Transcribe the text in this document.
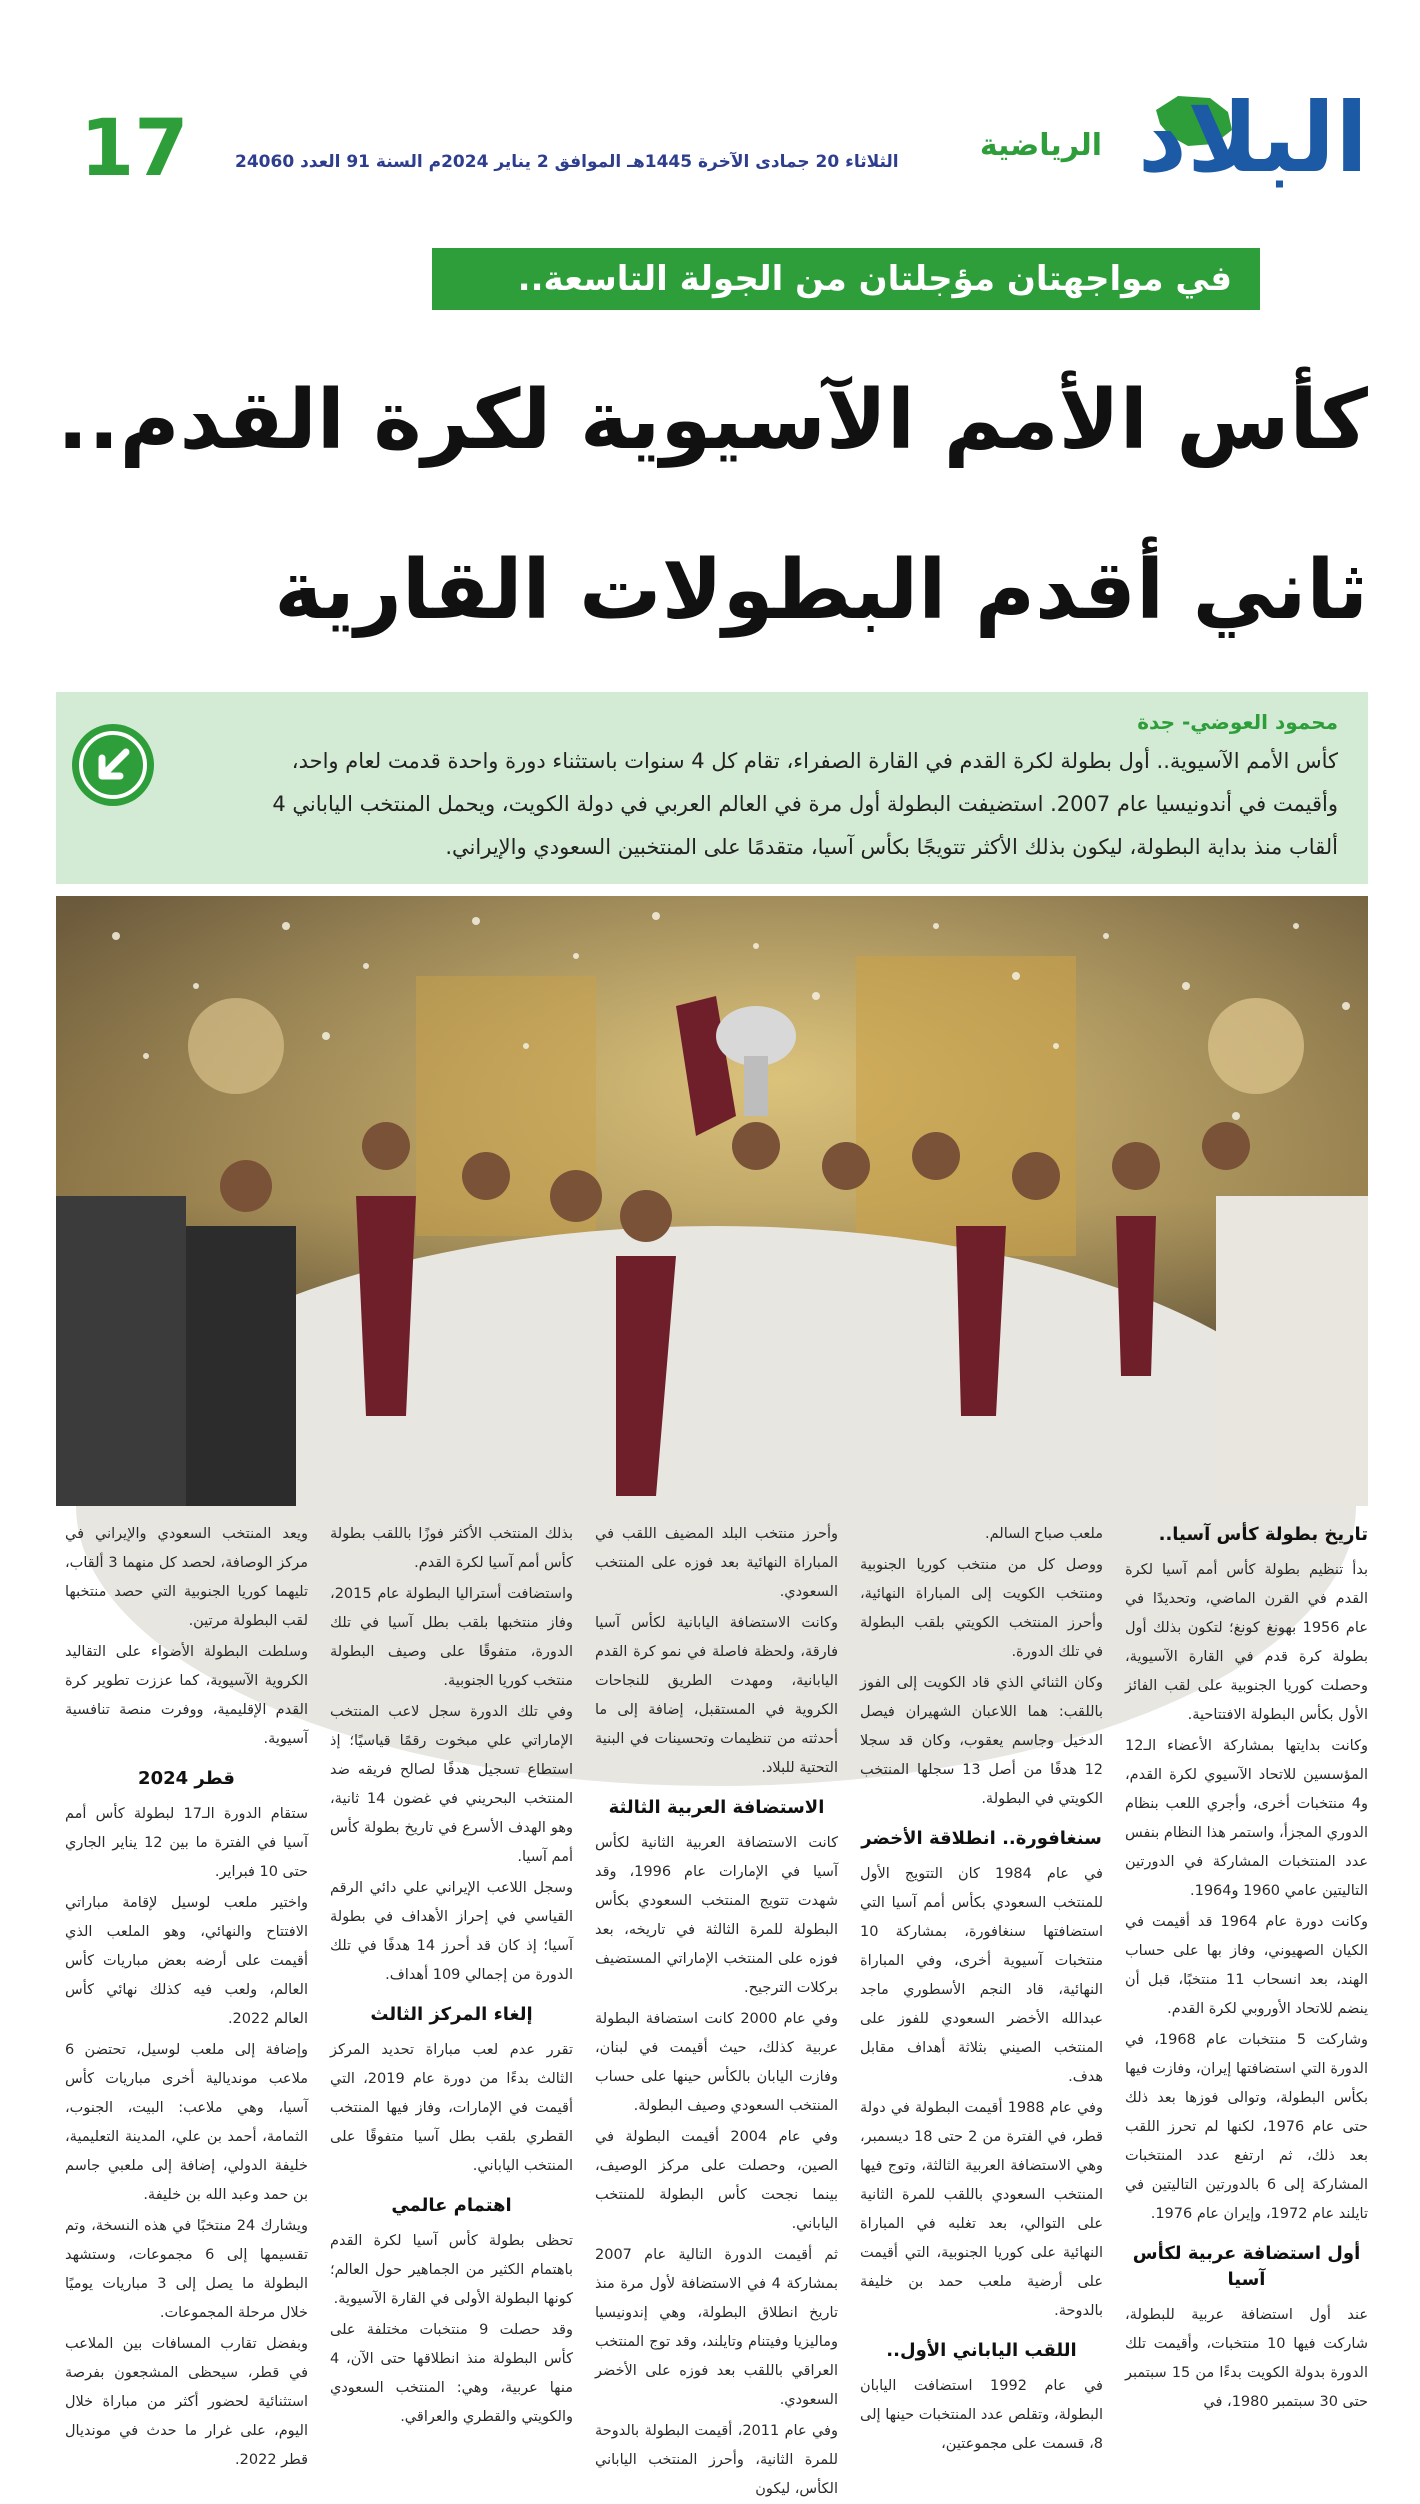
البلاد
الرياضية
الثلاثاء 20 جمادى الآخرة 1445هـ الموافق 2 يناير 2024م السنة 91 العدد 24060
17
في مواجهتان مؤجلتان من الجولة التاسعة..
كأس الأمم الآسيوية لكرة القدم..
ثاني أقدم البطولات القارية
محمود العوضي- جدة
كأس الأمم الآسيوية.. أول بطولة لكرة القدم في القارة الصفراء، تقام كل 4 سنوات باستثناء دورة واحدة قدمت لعام واحد، وأقيمت في أندونيسيا عام 2007. استضيفت البطولة أول مرة في العالم العربي في دولة الكويت، ويحمل المنتخب الياباني 4 ألقاب منذ بداية البطولة، ليكون بذلك الأكثر تتويجًا بكأس آسيا، متقدمًا على المنتخبين السعودي والإيراني.
تاريخ بطولة كأس آسيا..

بدأ تنظيم بطولة كأس أمم آسيا لكرة القدم في القرن الماضي، وتحديدًا في عام 1956 بهونغ كونغ؛ لتكون بذلك أول بطولة كرة قدم في القارة الآسيوية، وحصلت كوريا الجنوبية على لقب الفائز الأول بكأس البطولة الافتتاحية.

وكانت بدايتها بمشاركة الأعضاء الـ12 المؤسسين للاتحاد الآسيوي لكرة القدم، و4 منتخبات أخرى، وأجري اللعب بنظام الدوري المجزأ، واستمر هذا النظام بنفس عدد المنتخبات المشاركة في الدورتين التاليتين عامي 1960 و1964.

وكانت دورة عام 1964 قد أقيمت في الكيان الصهيوني، وفاز بها على حساب الهند، بعد انسحاب 11 منتخبًا، قبل أن ينضم للاتحاد الأوروبي لكرة القدم.

وشاركت 5 منتخبات عام 1968، في الدورة التي استضافتها إيران، وفازت فيها بكأس البطولة، وتوالى فوزها بعد ذلك حتى عام 1976، لكنها لم تحرز اللقب بعد ذلك، ثم ارتفع عدد المنتخبات المشاركة إلى 6 بالدورتين التاليتين في تايلند عام 1972، وإيران عام 1976.

أول استضافة عربية لكأس آسيا

عند أول استضافة عربية للبطولة، شاركت فيها 10 منتخبات، وأقيمت تلك الدورة بدولة الكويت بدءًا من 15 سبتمبر حتى 30 سبتمبر 1980، في

ملعب صباح السالم.

ووصل كل من منتخب كوريا الجنوبية ومنتخب الكويت إلى المباراة النهائية، وأحرز المنتخب الكويتي بلقب البطولة في تلك الدورة.

وكان الثنائي الذي قاد الكويت إلى الفوز باللقب: هما اللاعبان الشهيران فيصل الدخيل وجاسم يعقوب، وكان قد سجلا 12 هدفًا من أصل 13 سجلها المنتخب الكويتي في البطولة.

سنغافورة.. انطلاقة الأخضر

في عام 1984 كان التتويج الأول للمنتخب السعودي بكأس أمم آسيا التي استضافتها سنغافورة، بمشاركة 10 منتخبات آسيوية أخرى، وفي المباراة النهائية، قاد النجم الأسطوري ماجد عبدالله الأخضر السعودي للفوز على المنتخب الصيني بثلاثة أهداف مقابل هدف.

وفي عام 1988 أقيمت البطولة في دولة قطر، في الفترة من 2 حتى 18 ديسمبر، وهي الاستضافة العربية الثالثة، وتوج فيها المنتخب السعودي باللقب للمرة الثانية على التوالي، بعد تغلبه في المباراة النهائية على كوريا الجنوبية، التي أقيمت على أرضية ملعب حمد بن خليفة بالدوحة.

اللقب الياباني الأول..

في عام 1992 استضافت اليابان البطولة، وتقلص عدد المنتخبات حينها إلى 8، قسمت على مجموعتين،

وأحرز منتخب البلد المضيف اللقب في المباراة النهائية بعد فوزه على المنتخب السعودي.

وكانت الاستضافة اليابانية لكأس آسيا فارقة، ولحظة فاصلة في نمو كرة القدم اليابانية، ومهدت الطريق للنجاحات الكروية في المستقبل، إضافة إلى ما أحدثته من تنظيمات وتحسينات في البنية التحتية للبلاد.

الاستضافة العربية الثالثة

كانت الاستضافة العربية الثانية لكأس آسيا في الإمارات عام 1996، وقد شهدت تتويج المنتخب السعودي بكأس البطولة للمرة الثالثة في تاريخه، بعد فوزه على المنتخب الإماراتي المستضيف بركلات الترجيح.

وفي عام 2000 كانت استضافة البطولة عربية كذلك، حيث أقيمت في لبنان، وفازت اليابان بالكأس حينها على حساب المنتخب السعودي وصيف البطولة.

وفي عام 2004 أقيمت البطولة في الصين، وحصلت على مركز الوصيف، بينما نجحت كأس البطولة للمنتخب الياباني.

ثم أقيمت الدورة التالية عام 2007 بمشاركة 4 في الاستضافة لأول مرة منذ تاريخ انطلاق البطولة، وهي إندونيسيا وماليزيا وفيتنام وتايلند، وقد توج المنتخب العراقي باللقب بعد فوزه على الأخضر السعودي.

وفي عام 2011، أقيمت البطولة بالدوحة للمرة الثانية، وأحرز المنتخب الياباني الكأس، ليكون

بذلك المنتخب الأكثر فوزًا باللقب بطولة كأس أمم آسيا لكرة القدم.

واستضافت أستراليا البطولة عام 2015، وفاز منتخبها بلقب بطل آسيا في تلك الدورة، متفوقًا على وصيف البطولة منتخب كوريا الجنوبية.

وفي تلك الدورة سجل لاعب المنتخب الإماراتي علي مبخوت رقمًا قياسيًا؛ إذ استطاع تسجيل هدفًا لصالح فريقه ضد المنتخب البحريني في غضون 14 ثانية، وهو الهدف الأسرع في تاريخ بطولة كأس أمم آسيا.

وسجل اللاعب الإيراني علي دائي الرقم القياسي في إحراز الأهداف في بطولة آسيا؛ إذ كان قد أحرز 14 هدفًا في تلك الدورة من إجمالي 109 أهداف.

إلغاء المركز الثالث

تقرر عدم لعب مباراة تحديد المركز الثالث بدءًا من دورة عام 2019، التي أقيمت في الإمارات، وفاز فيها المنتخب القطري بلقب بطل آسيا متفوقًا على المنتخب الياباني.

اهتمام عالمي

تحظى بطولة كأس آسيا لكرة القدم باهتمام الكثير من الجماهير حول العالم؛ كونها البطولة الأولى في القارة الآسيوية.

وقد حصلت 9 منتخبات مختلفة على كأس البطولة منذ انطلاقها حتى الآن، 4 منها عربية، وهي: المنتخب السعودي والكويتي والقطري والعراقي.

ويعد المنتخب السعودي والإيراني في مركز الوصافة، لحصد كل منهما 3 ألقاب، تليهما كوريا الجنوبية التي حصد منتخبها لقب البطولة مرتين.

وسلطت البطولة الأضواء على التقاليد الكروية الآسيوية، كما عززت تطوير كرة القدم الإقليمية، ووفرت منصة تنافسية آسيوية.

قطر 2024

ستقام الدورة الـ17 لبطولة كأس أمم آسيا في الفترة ما بين 12 يناير الجاري حتى 10 فبراير.

واختير ملعب لوسيل لإقامة مباراتي الافتتاح والنهائي، وهو الملعب الذي أقيمت على أرضه بعض مباريات كأس العالم، ولعب فيه كذلك نهائي كأس العالم 2022.

وإضافة إلى ملعب لوسيل، تحتضن 6 ملاعب مونديالية أخرى مباريات كأس آسيا، وهي ملاعب: البيت، الجنوب، الثمامة، أحمد بن علي، المدينة التعليمية، خليفة الدولي، إضافة إلى ملعبي جاسم بن حمد وعبد الله بن خليفة.

ويشارك 24 منتخبًا في هذه النسخة، وتم تقسيمها إلى 6 مجموعات، وستشهد البطولة ما يصل إلى 3 مباريات يوميًا خلال مرحلة المجموعات.

وبفضل تقارب المسافات بين الملاعب في قطر، سيحظى المشجعون بفرصة استثنائية لحضور أكثر من مباراة خلال اليوم، على غرار ما حدث في مونديال قطر 2022.
